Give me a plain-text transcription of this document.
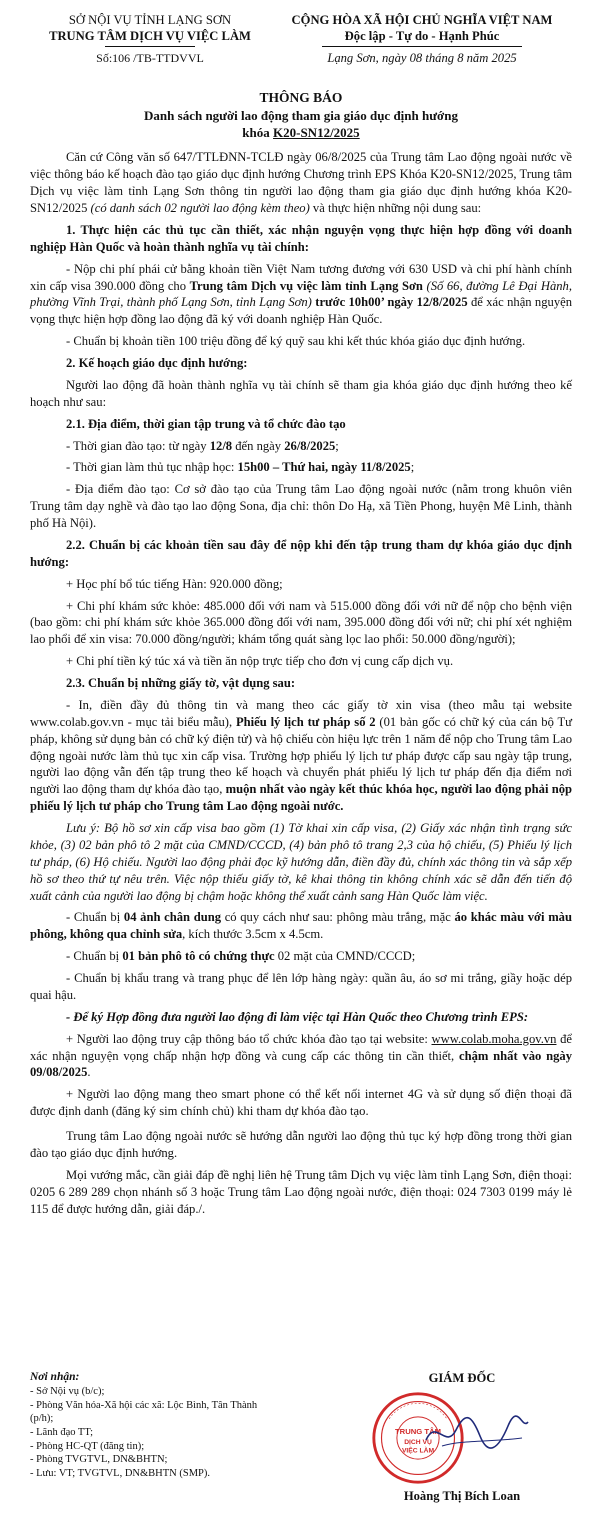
SỞ NỘI VỤ TỈNH LẠNG SƠN
TRUNG TÂM DỊCH VỤ VIỆC LÀM
Số:106 /TB-TTDVVL
CỘNG HÒA XÃ HỘI CHỦ NGHĨA VIỆT NAM
Độc lập - Tự do - Hạnh Phúc
Lạng Sơn, ngày 08 tháng 8 năm 2025
THÔNG BÁO
Danh sách người lao động tham gia giáo dục định hướng
khóa K20-SN12/2025
Căn cứ Công văn số 647/TTLĐNN-TCLĐ ngày 06/8/2025 của Trung tâm Lao động ngoài nước về việc thông báo kế hoạch đào tạo giáo dục định hướng Chương trình EPS Khóa K20-SN12/2025, Trung tâm Dịch vụ việc làm tỉnh Lạng Sơn thông tin người lao động tham gia giáo dục định hướng khóa K20-SN12/2025 (có danh sách 02 người lao động kèm theo) và thực hiện những nội dung sau:
1. Thực hiện các thủ tục cần thiết, xác nhận nguyện vọng thực hiện hợp đồng với doanh nghiệp Hàn Quốc và hoàn thành nghĩa vụ tài chính:
- Nộp chi phí phái cử bằng khoản tiền Việt Nam tương đương với 630 USD và chi phí hành chính xin cấp visa 390.000 đồng cho Trung tâm Dịch vụ việc làm tỉnh Lạng Sơn (Số 66, đường Lê Đại Hành, phường Vĩnh Trại, thành phố Lạng Sơn, tỉnh Lạng Sơn) trước 10h00’ ngày 12/8/2025 để xác nhận nguyện vọng thực hiện hợp đồng lao động đã ký với doanh nghiệp Hàn Quốc.
- Chuẩn bị khoản tiền 100 triệu đồng để ký quỹ sau khi kết thúc khóa giáo dục định hướng.
2. Kế hoạch giáo dục định hướng:
Người lao động đã hoàn thành nghĩa vụ tài chính sẽ tham gia khóa giáo dục định hướng theo kế hoạch như sau:
2.1. Địa điểm, thời gian tập trung và tổ chức đào tạo
- Thời gian đào tạo: từ ngày 12/8 đến ngày 26/8/2025;
- Thời gian làm thủ tục nhập học: 15h00 – Thứ hai, ngày 11/8/2025;
- Địa điểm đào tạo: Cơ sở đào tạo của Trung tâm Lao động ngoài nước (nằm trong khuôn viên Trung tâm dạy nghề và đào tạo lao động Sona, địa chỉ: thôn Do Hạ, xã Tiền Phong, huyện Mê Linh, thành phố Hà Nội).
2.2. Chuẩn bị các khoản tiền sau đây để nộp khi đến tập trung tham dự khóa giáo dục định hướng:
+ Học phí bổ túc tiếng Hàn: 920.000 đồng;
+ Chi phí khám sức khỏe: 485.000 đối với nam và 515.000 đồng đối với nữ để nộp cho bệnh viện (bao gồm: chi phí khám sức khỏe 365.000 đồng đối với nam, 395.000 đồng đối với nữ; chi phí xét nghiệm lao phổi để xin visa: 70.000 đồng/người; khám tổng quát sàng lọc lao phổi: 50.000 đồng/người);
+ Chi phí tiền ký túc xá và tiền ăn nộp trực tiếp cho đơn vị cung cấp dịch vụ.
2.3. Chuẩn bị những giấy tờ, vật dụng sau:
- In, điền đầy đủ thông tin và mang theo các giấy tờ xin visa (theo mẫu tại website www.colab.gov.vn - mục tải biểu mẫu), Phiếu lý lịch tư pháp số 2 (01 bản gốc có chữ ký của cán bộ Tư pháp, không sử dụng bản có chữ ký điện tử) và hộ chiếu còn hiệu lực trên 1 năm để nộp cho Trung tâm Lao động ngoài nước làm thủ tục xin cấp visa. Trường hợp phiếu lý lịch tư pháp được cấp sau ngày tập trung, người lao động vẫn đến tập trung theo kế hoạch và chuyển phát phiếu lý lịch tư pháp đến địa điểm nơi người lao động tham dự khóa đào tạo, muộn nhất vào ngày kết thúc khóa học, người lao động phải nộp phiếu lý lịch tư pháp cho Trung tâm Lao động ngoài nước.
Lưu ý: Bộ hồ sơ xin cấp visa bao gồm (1) Tờ khai xin cấp visa, (2) Giấy xác nhận tình trạng sức khỏe, (3) 02 bản phô tô 2 mặt của CMND/CCCD, (4) bản phô tô trang 2,3 của hộ chiếu, (5) Phiếu lý lịch tư pháp, (6) Hộ chiếu. Người lao động phải đọc kỹ hướng dẫn, điền đầy đủ, chính xác thông tin và sắp xếp hồ sơ theo thứ tự nêu trên. Việc nộp thiếu giấy tờ, kê khai thông tin không chính xác sẽ dẫn đến tiến độ xuất cảnh của người lao động bị chậm hoặc không thể xuất cảnh sang Hàn Quốc làm việc.
- Chuẩn bị 04 ảnh chân dung có quy cách như sau: phông màu trắng, mặc áo khác màu với màu phông, không qua chỉnh sửa, kích thước 3.5cm x 4.5cm.
- Chuẩn bị 01 bản phô tô có chứng thực 02 mặt của CMND/CCCD;
- Chuẩn bị khẩu trang và trang phục để lên lớp hàng ngày: quần âu, áo sơ mi trắng, giầy hoặc dép quai hậu.
- Để ký Hợp đồng đưa người lao động đi làm việc tại Hàn Quốc theo Chương trình EPS:
+ Người lao động truy cập thông báo tổ chức khóa đào tạo tại website: www.colab.moha.gov.vn để xác nhận nguyện vọng chấp nhận hợp đồng và cung cấp các thông tin cần thiết, chậm nhất vào ngày 09/08/2025.
+ Người lao động mang theo smart phone có thể kết nối internet 4G và sử dụng số điện thoại đã được định danh (đăng ký sim chính chủ) khi tham dự khóa đào tạo.
Trung tâm Lao động ngoài nước sẽ hướng dẫn người lao động thủ tục ký hợp đồng trong thời gian đào tạo giáo dục định hướng.
Mọi vướng mắc, cần giải đáp đề nghị liên hệ Trung tâm Dịch vụ việc làm tỉnh Lạng Sơn, điện thoại: 0205 6 289 289 chọn nhánh số 3 hoặc Trung tâm Lao động ngoài nước, điện thoại: 024 7303 0199 máy lẻ 115 để được hướng dẫn, giải đáp./.
Nơi nhận:
- Sở Nội vụ (b/c);
- Phòng Văn hóa-Xã hội các xã: Lộc Bình, Tân Thành (p/h);
- Lãnh đạo TT;
- Phòng HC-QT (đăng tin);
- Phòng TVGTVL, DN&BHTN;
- Lưu: VT; TVGTVL, DN&BHTN (SMP).
GIÁM ĐỐC
TRUNG TÂM
DỊCH VỤ
VIỆC LÀM
Hoàng Thị Bích Loan
